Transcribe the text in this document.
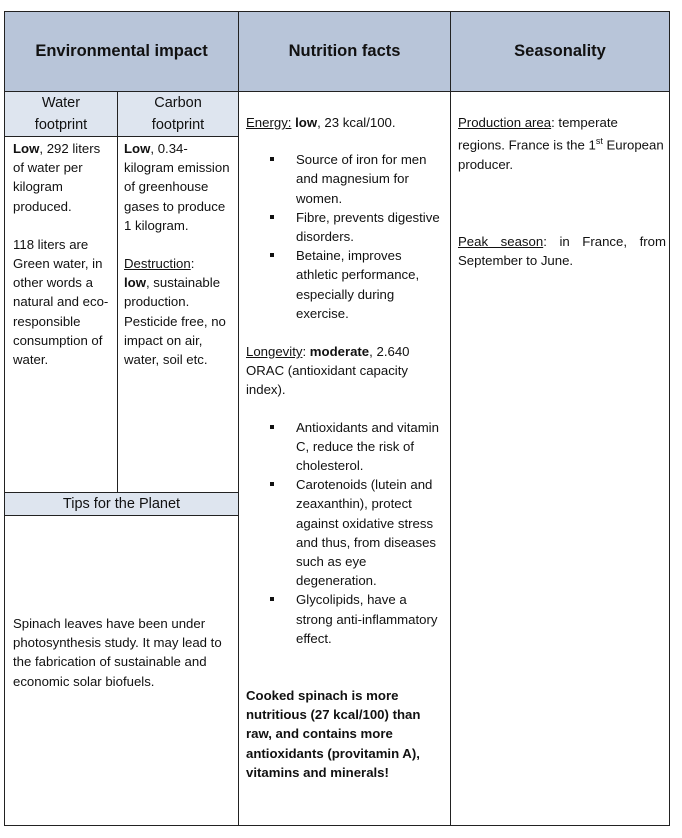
Environmental impact	Nutrition facts	Seasonality
Water
footprint
Carbon
footprint

Low, 292 liters of water per kilogram produced.

118 liters are Green water, in other words a natural and eco-responsible consumption of water.

Low, 0.34-kilogram emission of greenhouse gases to produce 1 kilogram.

Destruction:
low, sustainable production. Pesticide free, no impact on air, water, soil etc.

Tips for the Planet
Spinach leaves have been under photosynthesis study. It may lead to the fabrication of sustainable and economic solar biofuels.

Energy: low, 23 kcal/100.

Source of iron for men and magnesium for women.
Fibre, prevents digestive disorders.
Betaine, improves athletic performance, especially during exercise.

Longevity: moderate, 2.640 ORAC (antioxidant capacity index).

Antioxidants and vitamin C, reduce the risk of cholesterol.
Carotenoids (lutein and zeaxanthin), protect against oxidative stress and thus, from diseases such as eye degeneration.
Glycolipids, have a strong anti-inflammatory effect.

Cooked spinach is more nutritious (27 kcal/100) than raw, and contains more antioxidants (provitamin A), vitamins and minerals!

Production area: temperate regions. France is the 1st European producer.

Peak season: in France, from September to June.
